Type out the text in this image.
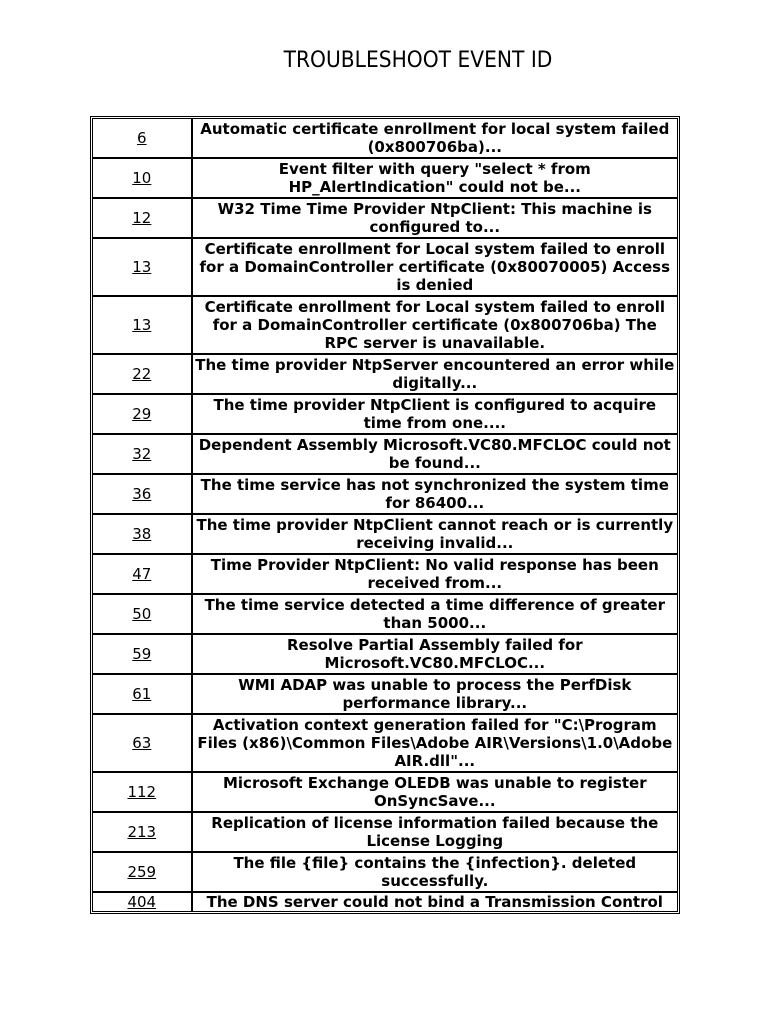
TROUBLESHOOT EVENT ID
6	Automatic certificate enrollment for local system failed (0x800706ba)...
10	Event filter with query "select * from HP_AlertIndication" could not be...
12	W32 Time Time Provider NtpClient: This machine is configured to...
13	Certificate enrollment for Local system failed to enroll for a DomainController certificate (0x80070005) Access is denied
13	Certificate enrollment for Local system failed to enroll for a DomainController certificate (0x800706ba) The RPC server is unavailable.
22	The time provider NtpServer encountered an error while digitally...
29	The time provider NtpClient is configured to acquire time from one....
32	Dependent Assembly Microsoft.VC80.MFCLOC could not be found...
36	The time service has not synchronized the system time for 86400...
38	The time provider NtpClient cannot reach or is currently receiving invalid...
47	Time Provider NtpClient: No valid response has been received from...
50	The time service detected a time difference of greater than 5000...
59	Resolve Partial Assembly failed for Microsoft.VC80.MFCLOC...
61	WMI ADAP was unable to process the PerfDisk performance library...
63	Activation context generation failed for "C:\Program Files (x86)\Common Files\Adobe AIR\Versions\1.0\Adobe AIR.dll"...
112	Microsoft Exchange OLEDB was unable to register OnSyncSave...
213	Replication of license information failed because the License Logging
259	The file {file} contains the {infection}. deleted successfully.
404	The DNS server could not bind a Transmission Control
